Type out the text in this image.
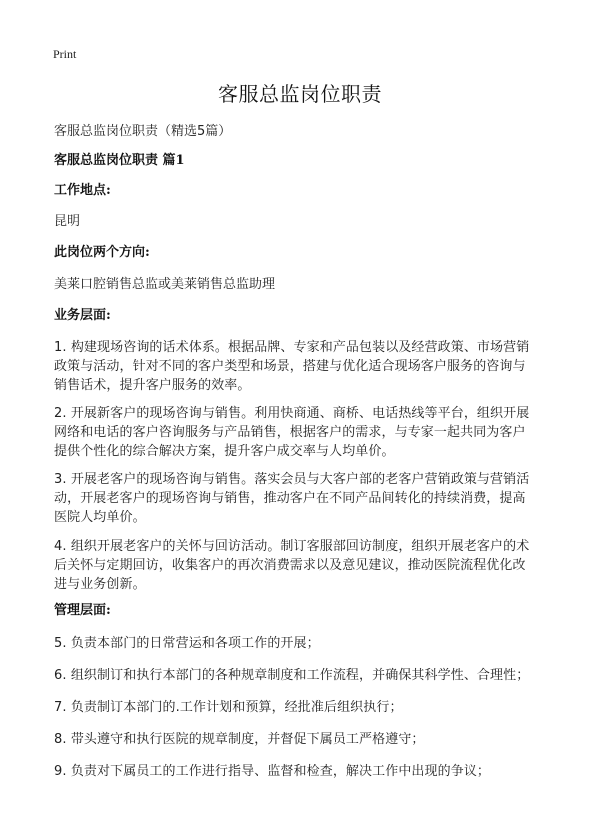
Print
客服总监岗位职责
客服总监岗位职责（精选5篇）
客服总监岗位职责 篇1
工作地点:
昆明
此岗位两个方向:
美莱口腔销售总监或美莱销售总监助理
业务层面:
1. 构建现场咨询的话术体系。根据品牌、专家和产品包装以及经营政策、市场营销
政策与活动，针对不同的客户类型和场景，搭建与优化适合现场客户服务的咨询与
销售话术，提升客户服务的效率。
2. 开展新客户的现场咨询与销售。利用快商通、商桥、电话热线等平台，组织开展
网络和电话的客户咨询服务与产品销售，根据客户的需求，与专家一起共同为客户
提供个性化的综合解决方案，提升客户成交率与人均单价。
3. 开展老客户的现场咨询与销售。落实会员与大客户部的老客户营销政策与营销活
动，开展老客户的现场咨询与销售，推动客户在不同产品间转化的持续消费，提高
医院人均单价。
4. 组织开展老客户的关怀与回访活动。制订客服部回访制度，组织开展老客户的术
后关怀与定期回访，收集客户的再次消费需求以及意见建议，推动医院流程优化改
进与业务创新。
管理层面:
5. 负责本部门的日常营运和各项工作的开展；
6. 组织制订和执行本部门的各种规章制度和工作流程，并确保其科学性、合理性；
7. 负责制订本部门的.工作计划和预算，经批准后组织执行；
8. 带头遵守和执行医院的规章制度，并督促下属员工严格遵守；
9. 负责对下属员工的工作进行指导、监督和检查，解决工作中出现的争议；
